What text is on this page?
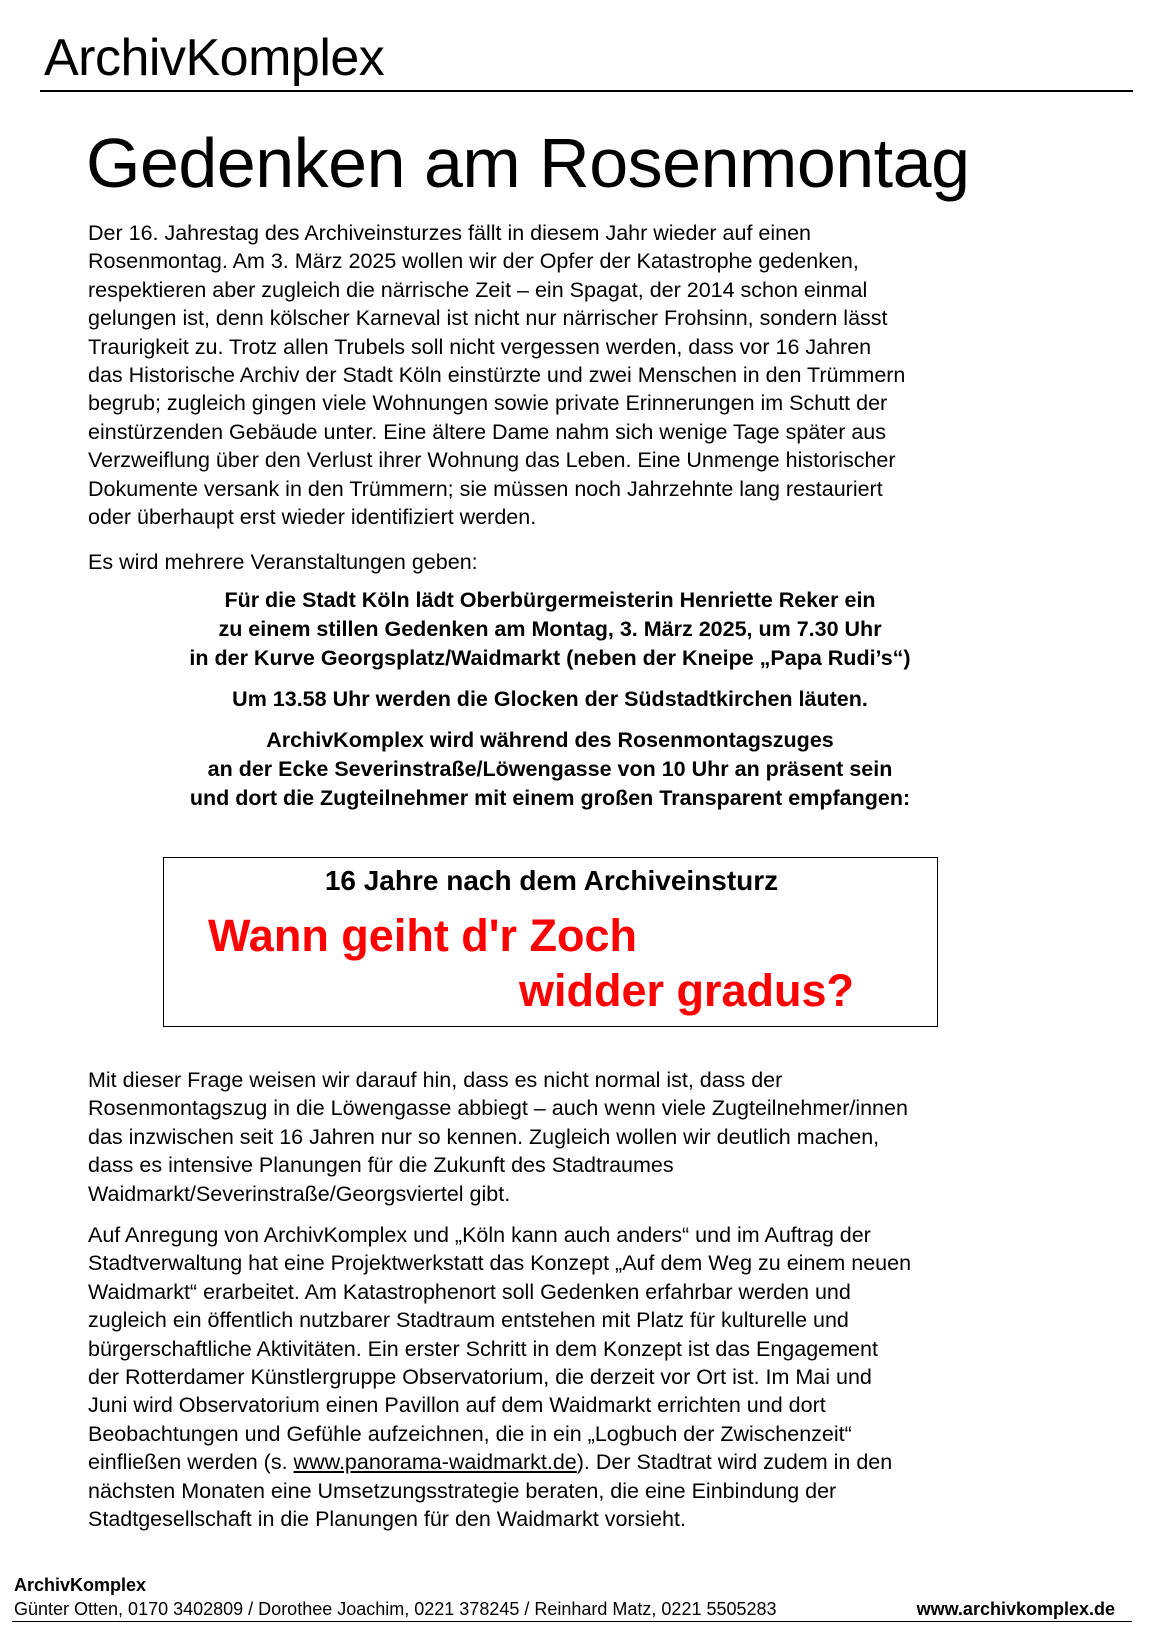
ArchivKomplex
Gedenken am Rosenmontag
Der 16. Jahrestag des Archiveinsturzes fällt in diesem Jahr wieder auf einen
Rosenmontag. Am 3. März 2025 wollen wir der Opfer der Katastrophe gedenken,
respektieren aber zugleich die närrische Zeit – ein Spagat, der 2014 schon einmal
gelungen ist, denn kölscher Karneval ist nicht nur närrischer Frohsinn, sondern lässt
Traurigkeit zu. Trotz allen Trubels soll nicht vergessen werden, dass vor 16 Jahren
das Historische Archiv der Stadt Köln einstürzte und zwei Menschen in den Trümmern
begrub; zugleich gingen viele Wohnungen sowie private Erinnerungen im Schutt der
einstürzenden Gebäude unter. Eine ältere Dame nahm sich wenige Tage später aus
Verzweiflung über den Verlust ihrer Wohnung das Leben. Eine Unmenge historischer
Dokumente versank in den Trümmern; sie müssen noch Jahrzehnte lang restauriert
oder überhaupt erst wieder identifiziert werden.
Es wird mehrere Veranstaltungen geben:
Für die Stadt Köln lädt Oberbürgermeisterin Henriette Reker ein
zu einem stillen Gedenken am Montag, 3. März 2025, um 7.30 Uhr
in der Kurve Georgsplatz/Waidmarkt (neben der Kneipe „Papa Rudi’s“)
Um 13.58 Uhr werden die Glocken der Südstadtkirchen läuten.
ArchivKomplex wird während des Rosenmontagszuges
an der Ecke Severinstraße/Löwengasse von 10 Uhr an präsent sein
und dort die Zugteilnehmer mit einem großen Transparent empfangen:
16 Jahre nach dem Archiveinsturz
Wann geiht d'r Zoch
widder gradus?
Mit dieser Frage weisen wir darauf hin, dass es nicht normal ist, dass der
Rosenmontagszug in die Löwengasse abbiegt – auch wenn viele Zugteilnehmer/innen
das inzwischen seit 16 Jahren nur so kennen. Zugleich wollen wir deutlich machen,
dass es intensive Planungen für die Zukunft des Stadtraumes
Waidmarkt/Severinstraße/Georgsviertel gibt.
Auf Anregung von ArchivKomplex und „Köln kann auch anders“ und im Auftrag der
Stadtverwaltung hat eine Projektwerkstatt das Konzept „Auf dem Weg zu einem neuen
Waidmarkt“ erarbeitet. Am Katastrophenort soll Gedenken erfahrbar werden und
zugleich ein öffentlich nutzbarer Stadtraum entstehen mit Platz für kulturelle und
bürgerschaftliche Aktivitäten. Ein erster Schritt in dem Konzept ist das Engagement
der Rotterdamer Künstlergruppe Observatorium, die derzeit vor Ort ist. Im Mai und
Juni wird Observatorium einen Pavillon auf dem Waidmarkt errichten und dort
Beobachtungen und Gefühle aufzeichnen, die in ein „Logbuch der Zwischenzeit“
einfließen werden (s. www.panorama-waidmarkt.de). Der Stadtrat wird zudem in den
nächsten Monaten eine Umsetzungsstrategie beraten, die eine Einbindung der
Stadtgesellschaft in die Planungen für den Waidmarkt vorsieht.
ArchivKomplex
Günter Otten, 0170 3402809 / Dorothee Joachim, 0221 378245 / Reinhard Matz, 0221 5505283	www.archivkomplex.de
